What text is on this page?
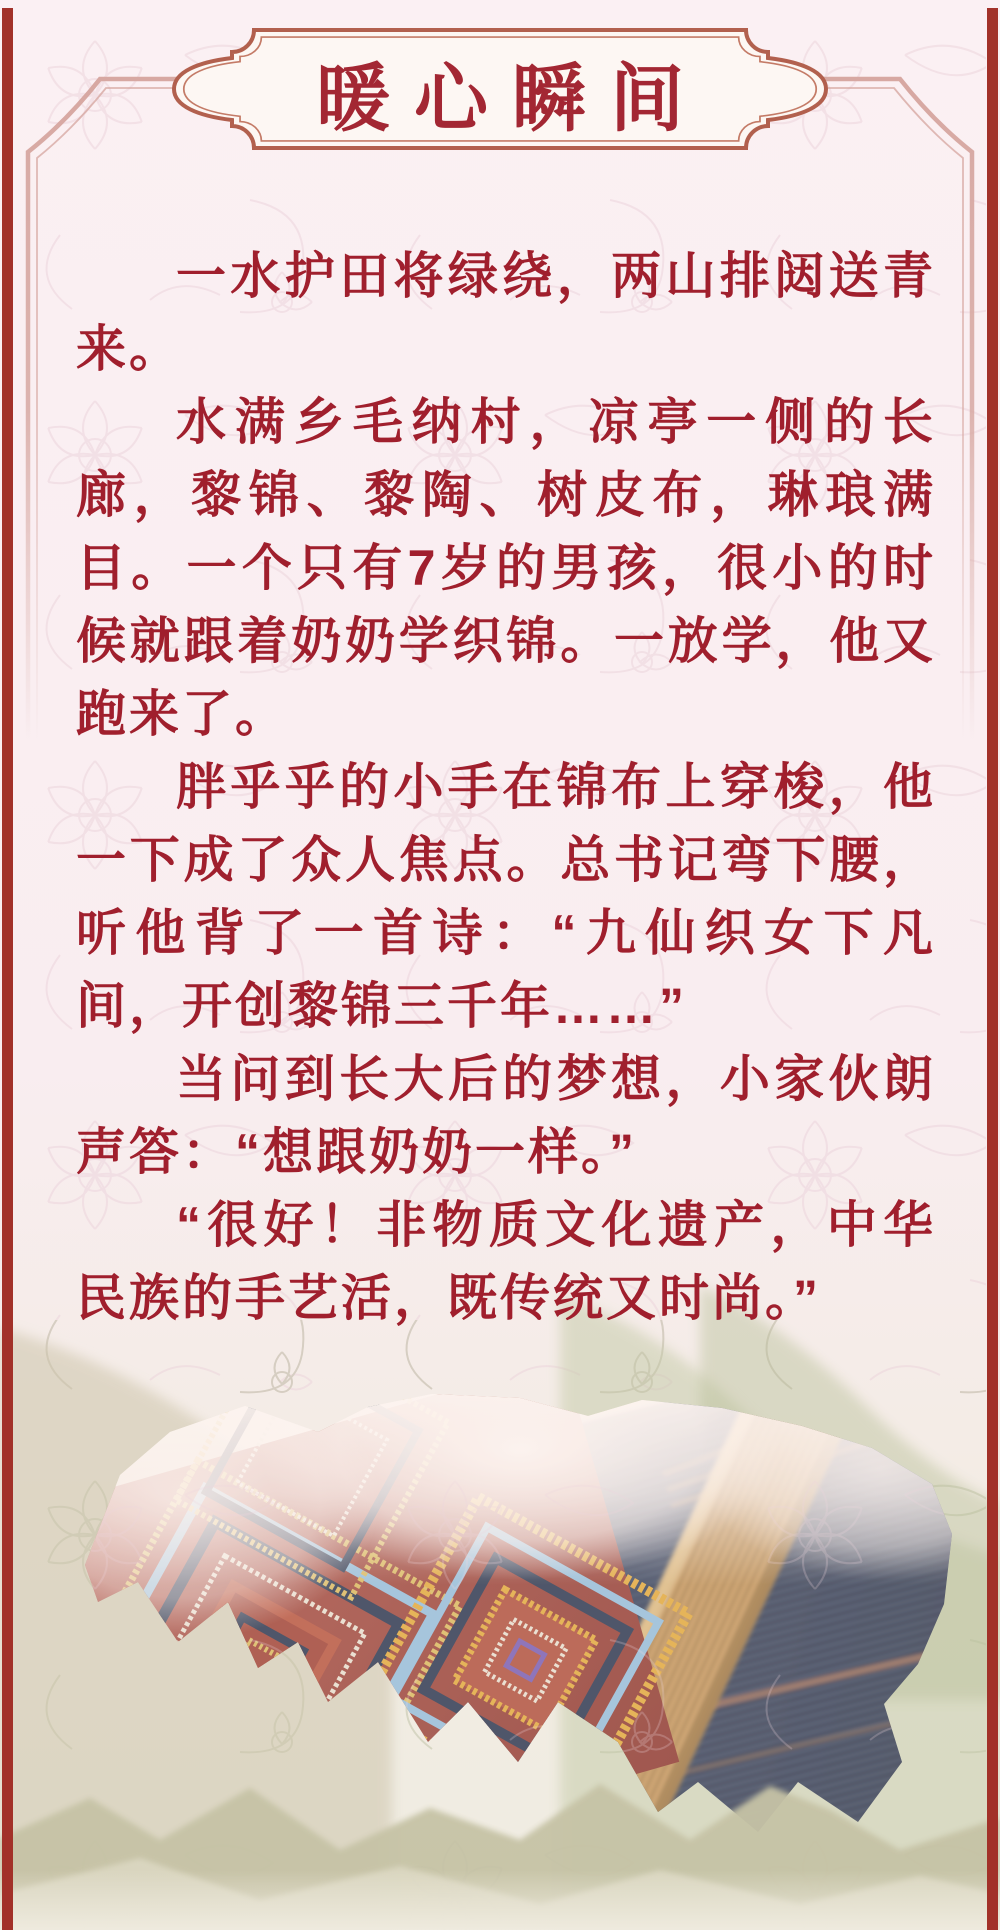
暖心瞬间

一水护田将绿绕，两山排闼送青来。

水满乡毛纳村，凉亭一侧的长廊，黎锦、黎陶、树皮布，琳琅满目。一个只有7岁的男孩，很小的时候就跟着奶奶学织锦。一放学，他又跑来了。

胖乎乎的小手在锦布上穿梭，他一下成了众人焦点。总书记弯下腰，听他背了一首诗：“九仙织女下凡间，开创黎锦三千年……”

当问到长大后的梦想，小家伙朗声答：“想跟奶奶一样。”

“很好！非物质文化遗产，中华民族的手艺活，既传统又时尚。”
